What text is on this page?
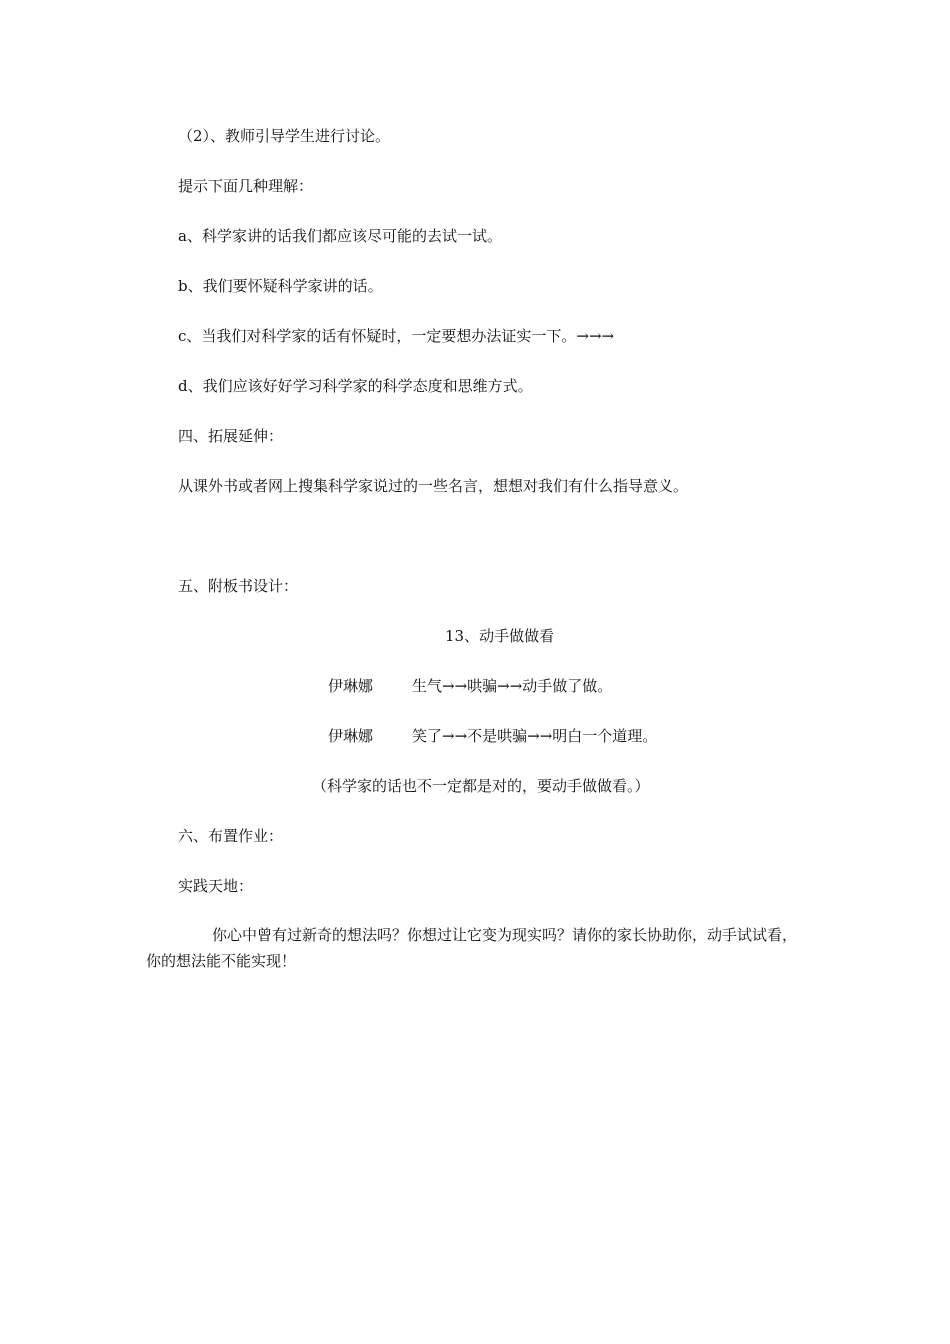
（2）、教师引导学生进行讨论。
提示下面几种理解：
a、科学家讲的话我们都应该尽可能的去试一试。
b、我们要怀疑科学家讲的话。
c、当我们对科学家的话有怀疑时，一定要想办法证实一下。→→→
d、我们应该好好学习科学家的科学态度和思维方式。
四、拓展延伸：
从课外书或者网上搜集科学家说过的一些名言，想想对我们有什么指导意义。
五、附板书设计：
13、动手做做看
伊琳娜	生气→→哄骗→→动手做了做。
伊琳娜	笑了→→不是哄骗→→明白一个道理。
（科学家的话也不一定都是对的，要动手做做看。）
六、布置作业：
实践天地：
你心中曾有过新奇的想法吗？你想过让它变为现实吗？请你的家长协助你，动手试试看，你的想法能不能实现！
